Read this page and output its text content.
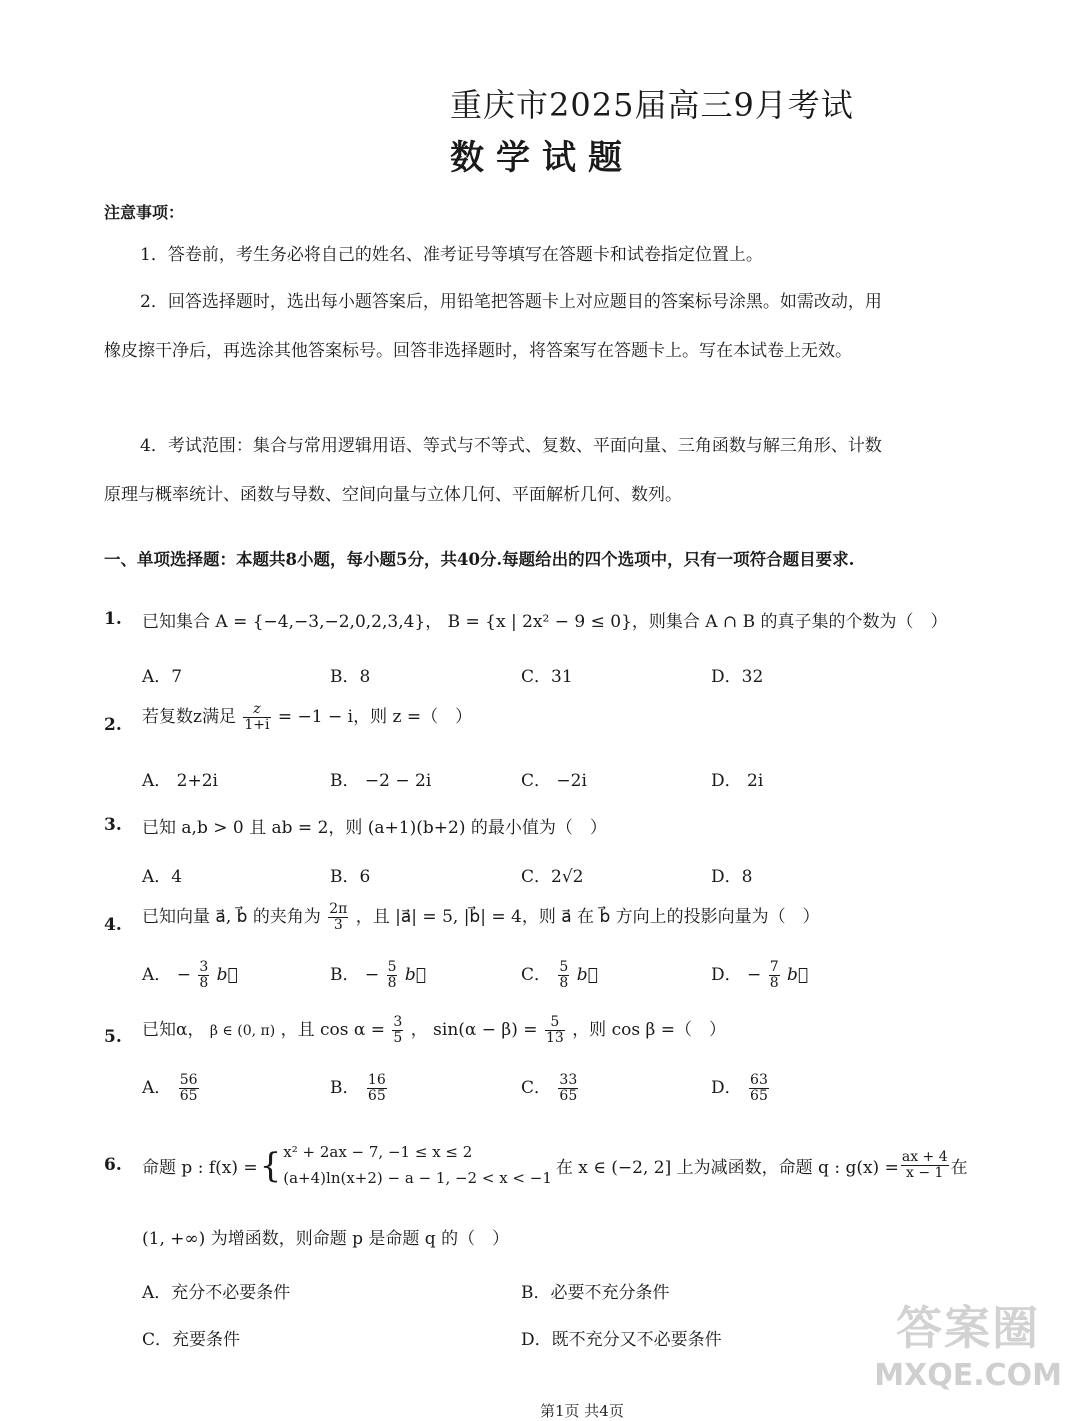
重庆市2025届高三9月考试
数学试题
注意事项：
1．答卷前，考生务必将自己的姓名、准考证号等填写在答题卡和试卷指定位置上。
2．回答选择题时，选出每小题答案后，用铅笔把答题卡上对应题目的答案标号涂黑。如需改动，用
橡皮擦干净后，再选涂其他答案标号。回答非选择题时，将答案写在答题卡上。写在本试卷上无效。
4．考试范围：集合与常用逻辑用语、等式与不等式、复数、平面向量、三角函数与解三角形、计数
原理与概率统计、函数与导数、空间向量与立体几何、平面解析几何、数列。
一、单项选择题：本题共8小题，每小题5分，共40分.每题给出的四个选项中，只有一项符合题目要求.
1. 已知集合 A = {−4,−3,−2,0,2,3,4}， B = {x | 2x² − 9 ≤ 0}，则集合 A ∩ B 的真子集的个数为（　）
A．7	B．8	C．31	D．32
2. 若复数z满足 $\frac{z}{1+i} = -1 - i$，则 z =（　）
A． 2+2i	B． −2 − 2i	C． −2i	D． 2i
3. 已知 a,b > 0 且 ab = 2，则 (a+1)(b+2) 的最小值为（　）
A．4	B．6	C．2√2	D．8
4. 已知向量 a⃗, b⃗ 的夹角为 $\frac{2\pi}{3}$ ，且 |a⃗| = 5, |b⃗| = 4，则 a⃗ 在 b⃗ 方向上的投影向量为（　）
A． − $\frac{3}{8}$ b⃗	B． − $\frac{5}{8}$ b⃗	C． $\frac{5}{8}$ b⃗	D． − $\frac{7}{8}$ b⃗
5. 已知α， β ∈ (0, π) ，且 $\cos \alpha = \frac{3}{5}$ ， $\sin(\alpha - \beta) = \frac{5}{13}$ ，则 cos β =（　）
A． $\frac{56}{65}$	B． $\frac{16}{65}$	C． $\frac{33}{65}$	D． $\frac{63}{65}$
6. 命题 p : f(x) = { x² + 2ax − 7, −1 ≤ x ≤ 2
(a+4)ln(x+2) − a − 1, −2 < x < −1 在 x ∈ (−2, 2] 上为减函数，命题 q : $g(x) = \frac{ax + 4}{x - 1}$ 在
(1, +∞) 为增函数，则命题 p 是命题 q 的（　）
A．充分不必要条件	B．必要不充分条件
C．充要条件	D．既不充分又不必要条件
第1页 共4页
答案圈
MXQE.COM
